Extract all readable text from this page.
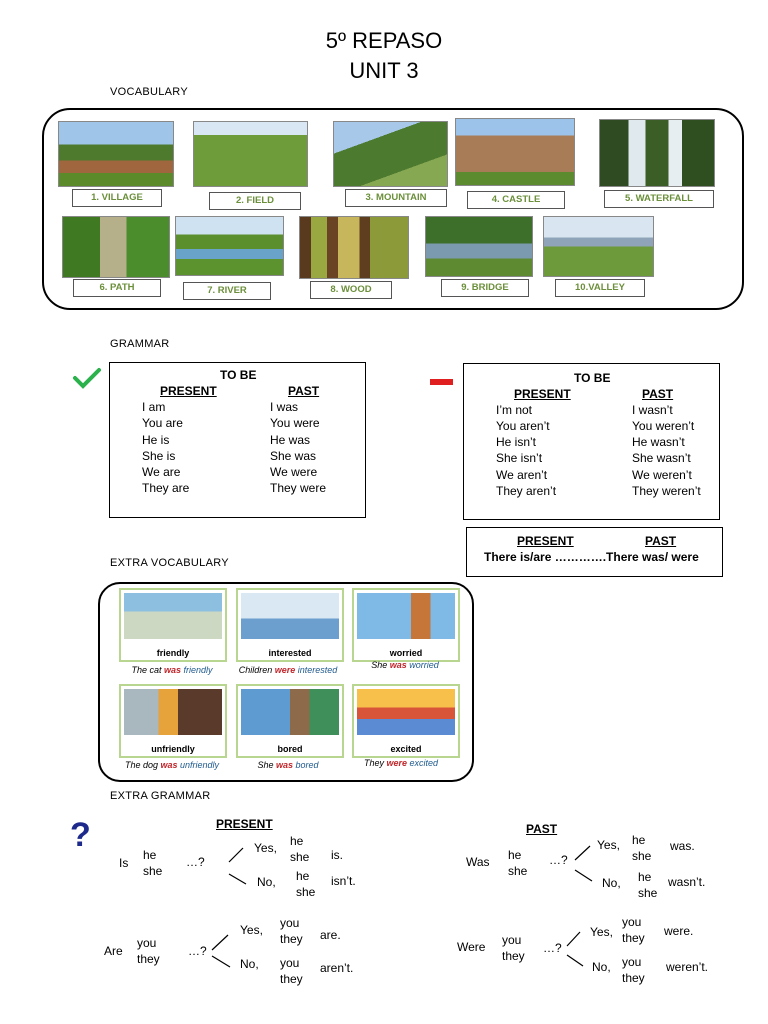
5º REPASO
UNIT 3
VOCABULARY
1. VILLAGE	2. FIELD	3. MOUNTAIN	4. CASTLE	5. WATERFALL
6. PATH	7. RIVER	8. WOOD	9. BRIDGE	10.VALLEY
GRAMMAR
TO BE
PRESENT	PAST
I am	I was
You are	You were
He is	He was
She is	She was
We are	We were
They are	They were
TO BE
PRESENT	PAST
I’m not	I wasn’t
You aren’t	You weren’t
He isn’t	He wasn’t
She isn’t	She wasn’t
We aren’t	We weren’t
They aren’t	They weren’t
PRESENT	PAST
There is/are ………….There was/ were
EXTRA VOCABULARY
friendly	interested	worried
unfriendly	bored	excited
The cat was friendly	Children were interested	She was worried
The dog was unfriendly	She was bored	They were excited
EXTRA GRAMMAR
?	PRESENT	PAST
Is
he
she
…?
Yes, he
she is.
No, he
she
isn’t.
Are
you
they
…?
Yes, you
they are.
No, you
they
aren’t.
Was he
she
…?
Yes, he
she
was.
No, he
she
wasn’t.
Were you
they
…?
Yes,
you
they were.
No, you
they
weren’t.
